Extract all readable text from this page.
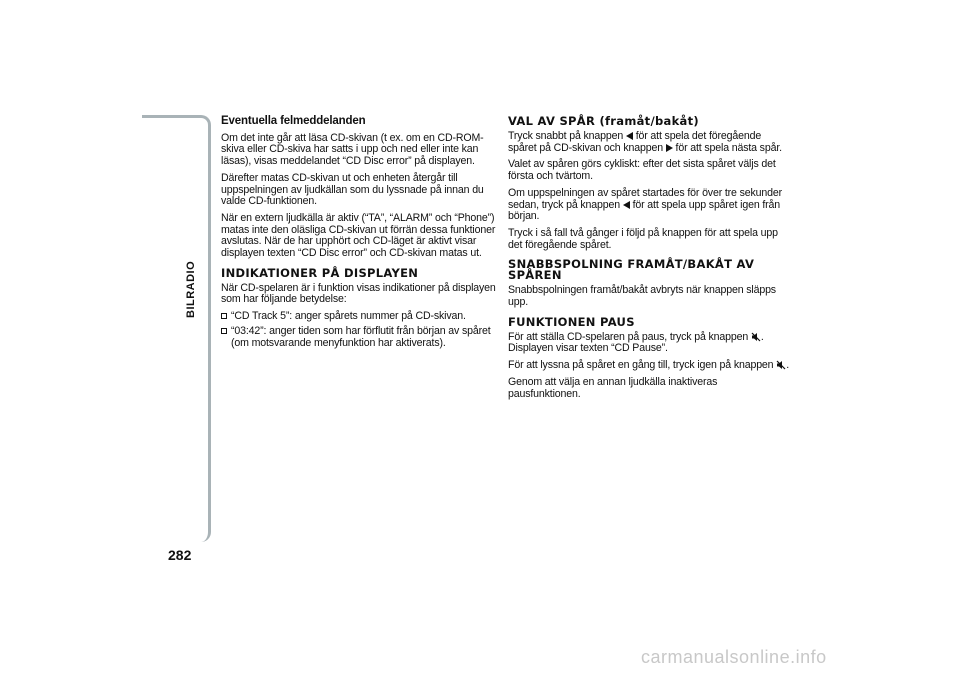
BILRADIO
282

Eventuella felmeddelanden

Om det inte går att läsa CD-skivan (t ex. om en CD-ROM-skiva eller CD-skiva har satts i upp och ned eller inte kan läsas), visas meddelandet “CD Disc error” på displayen.

Därefter matas CD-skivan ut och enheten återgår till uppspelningen av ljudkällan som du lyssnade på innan du valde CD-funktionen.

När en extern ljudkälla är aktiv (“TA”, “ALARM” och “Phone”) matas inte den oläsliga CD-skivan ut förrän dessa funktioner avslutas. När de har upphört och CD-läget är aktivt visar displayen texten “CD Disc error” och CD-skivan matas ut.

INDIKATIONER PÅ DISPLAYEN

När CD-spelaren är i funktion visas indikationer på displayen som har följande betydelse:

“CD Track 5”: anger spårets nummer på CD-skivan.
“03:42”: anger tiden som har förflutit från början av spåret (om motsvarande menyfunktion har aktiverats).
VAL AV SPÅR (framåt/bakåt)

Tryck snabbt på knappen för att spela det föregående spåret på CD-skivan och knappen för att spela nästa spår.

Valet av spåren görs cykliskt: efter det sista spåret väljs det första och tvärtom.

Om uppspelningen av spåret startades för över tre sekunder sedan, tryck på knappen för att spela upp spåret igen från början.

Tryck i så fall två gånger i följd på knappen för att spela upp det föregående spåret.

SNABBSPOLNING FRAMÅT/BAKÅT AV SPÅREN

Snabbspolningen framåt/bakåt avbryts när knappen släpps upp.

FUNKTIONEN PAUS

För att ställa CD-spelaren på paus, tryck på knappen .
Displayen visar texten “CD Pause”.

För att lyssna på spåret en gång till, tryck igen på knappen .

Genom att välja en annan ljudkälla inaktiveras pausfunktionen.

carmanualsonline.info
